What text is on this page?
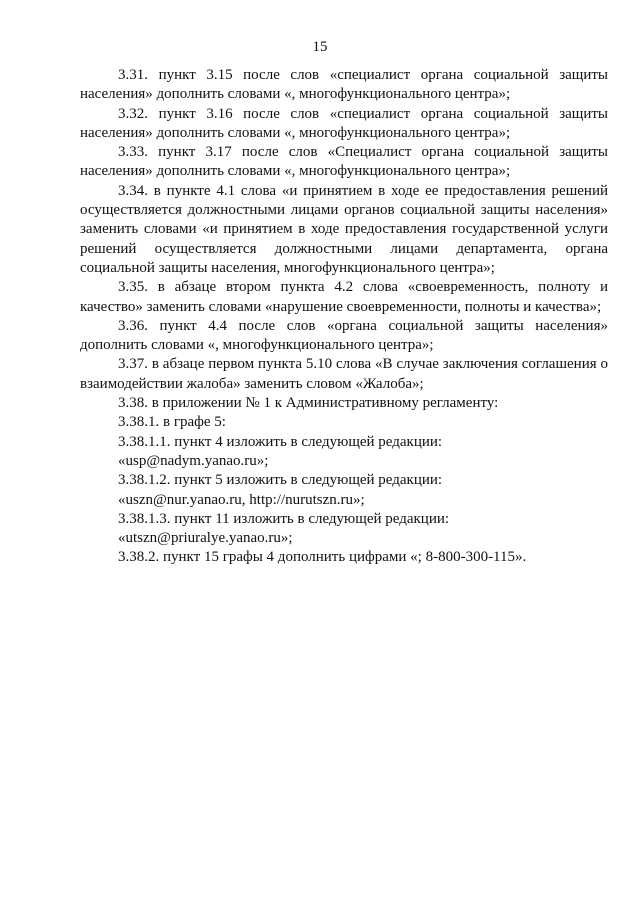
15

3.31. пункт 3.15 после слов «специалист органа социальной защиты населения» дополнить словами «, многофункционального центра»;

3.32. пункт 3.16 после слов «специалист органа социальной защиты населения» дополнить словами «, многофункционального центра»;

3.33. пункт 3.17 после слов «Специалист органа социальной защиты населения» дополнить словами «, многофункционального центра»;

3.34. в пункте 4.1 слова «и принятием в ходе ее предоставления решений осуществляется должностными лицами органов социальной защиты населения» заменить словами «и принятием в ходе предоставления государственной услуги решений осуществляется должностными лицами департамента, органа социальной защиты населения, многофункционального центра»;

3.35. в абзаце втором пункта 4.2 слова «своевременность, полноту и качество» заменить словами «нарушение своевременности, полноты и качества»;

3.36. пункт 4.4 после слов «органа социальной защиты населения» дополнить словами «, многофункционального центра»;

3.37. в абзаце первом пункта 5.10 слова «В случае заключения соглашения о взаимодействии жалоба» заменить словом «Жалоба»;

3.38. в приложении № 1 к Административному регламенту:

3.38.1. в графе 5:

3.38.1.1. пункт 4 изложить в следующей редакции:

«usp@nadym.yanao.ru»;

3.38.1.2. пункт 5 изложить в следующей редакции:

«uszn@nur.yanao.ru, http://nurutszn.ru»;

3.38.1.3. пункт 11 изложить в следующей редакции:

«utszn@priuralye.yanao.ru»;

3.38.2. пункт 15 графы 4 дополнить цифрами «; 8-800-300-115».
